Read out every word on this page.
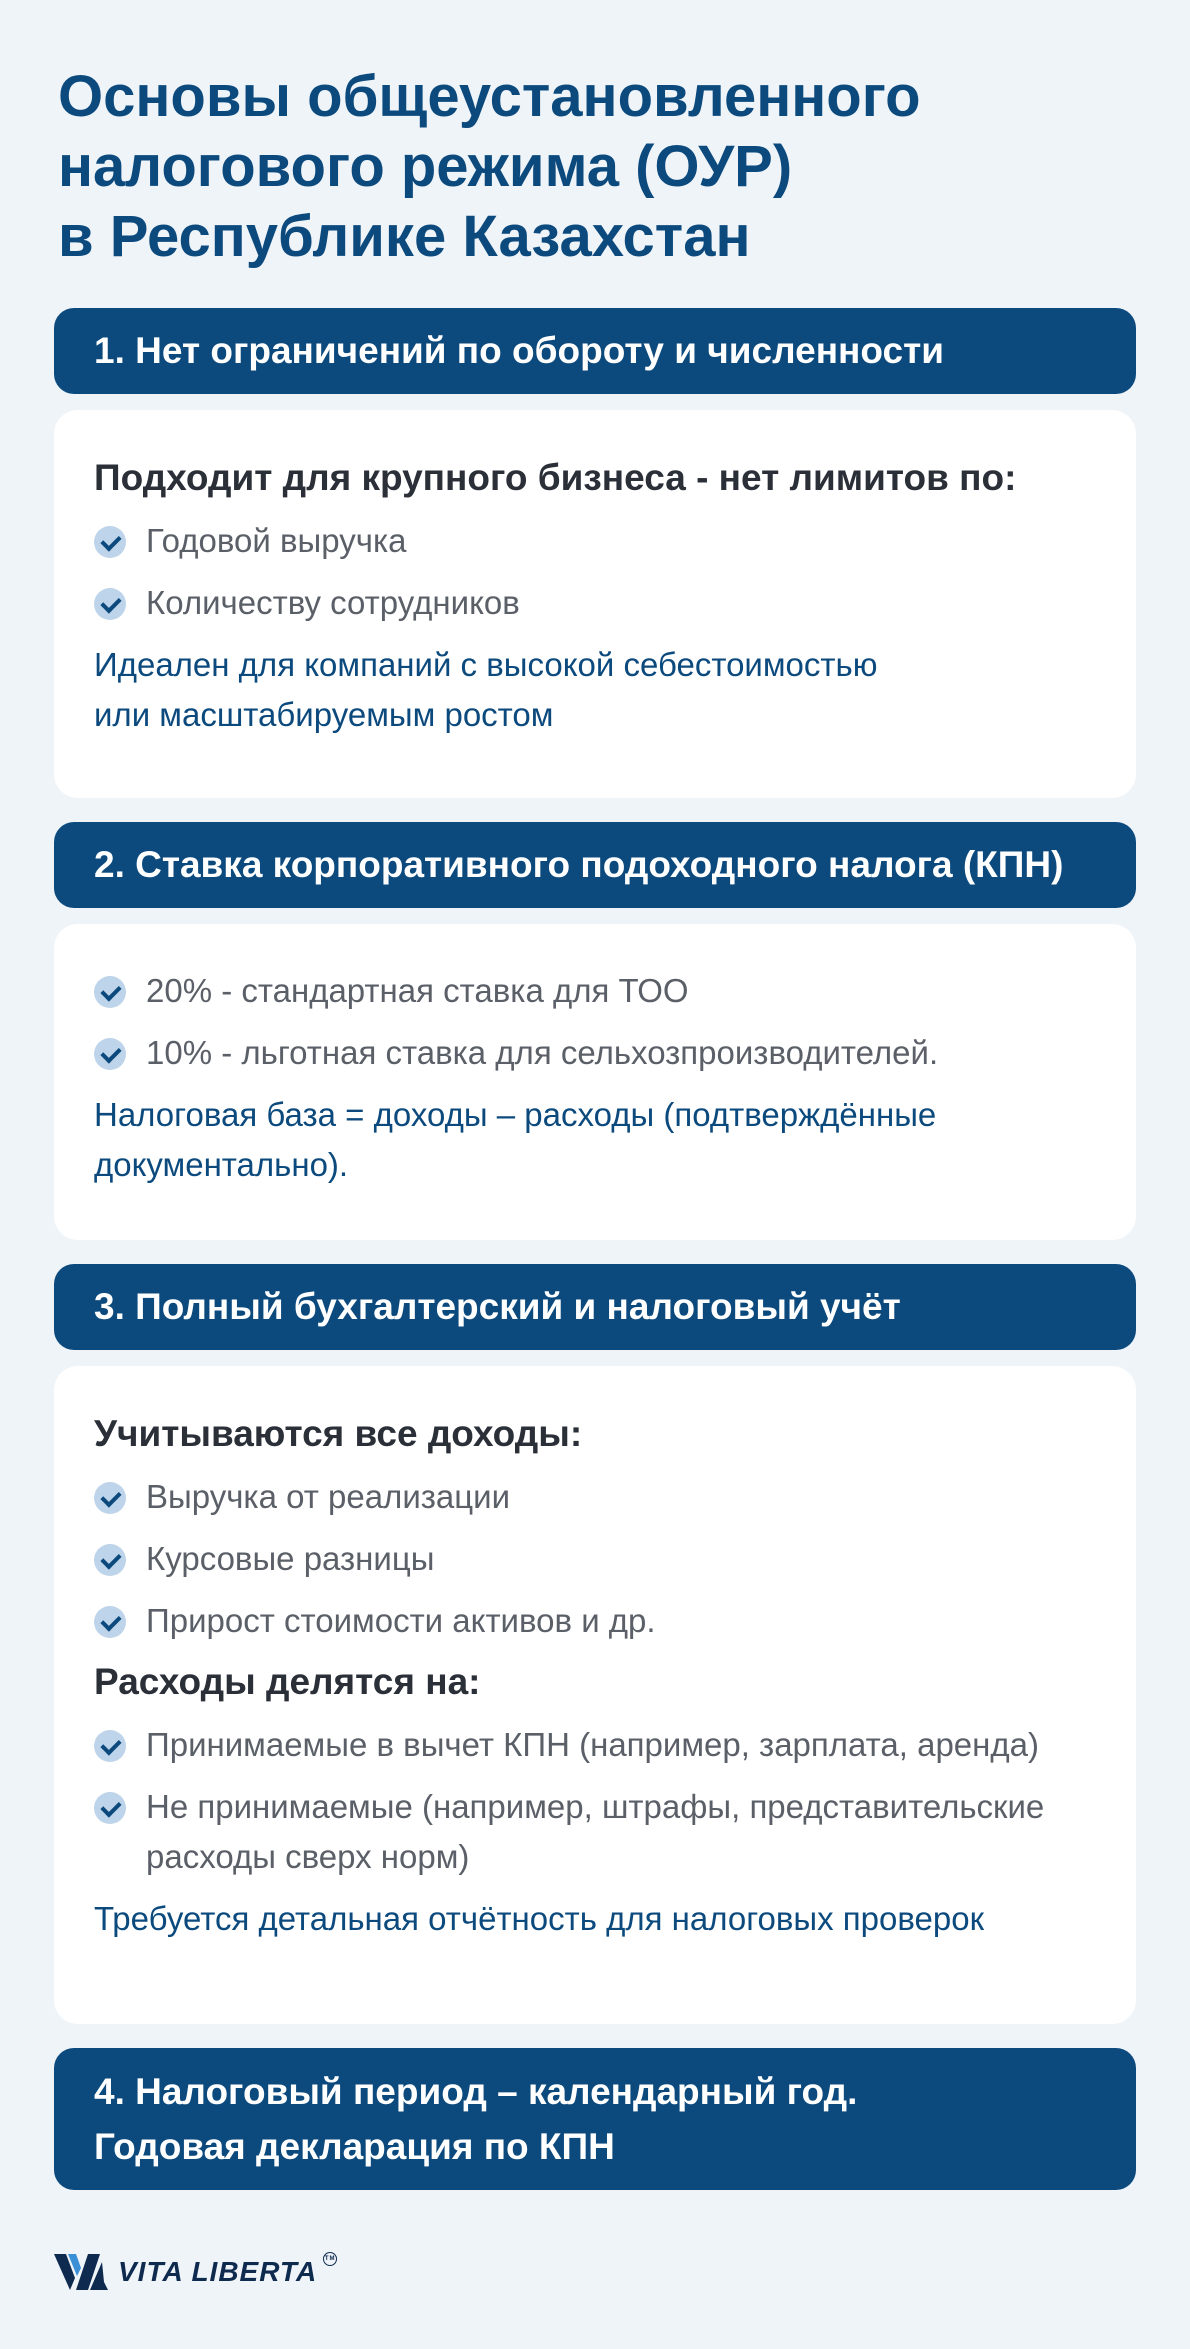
Основы общеустановленного
налогового режима (ОУР)
в Республике Казахстан
1. Нет ограничений по обороту и численности

Подходит для крупного бизнеса - нет лимитов по:

Годовой выручка
Количеству сотрудников

Идеален для компаний с высокой себестоимостью
или масштабируемым ростом

2. Ставка корпоративного подоходного налога (КПН)
20% - стандартная ставка для ТОО
10% - льготная ставка для сельхозпроизводителей.

Налоговая база = доходы – расходы (подтверждённые
документально).

3. Полный бухгалтерский и налоговый учёт

Учитываются все доходы:

Выручка от реализации
Курсовые разницы
Прирост стоимости активов и др.

Расходы делятся на:

Принимаемые в вычет КПН (например, зарплата, аренда)
Не принимаемые (например, штрафы, представительские расходы сверх норм)

Требуется детальная отчётность для налоговых проверок

4. Налоговый период – календарный год.
Годовая декларация по КПН
VITA LIBERTA TM
